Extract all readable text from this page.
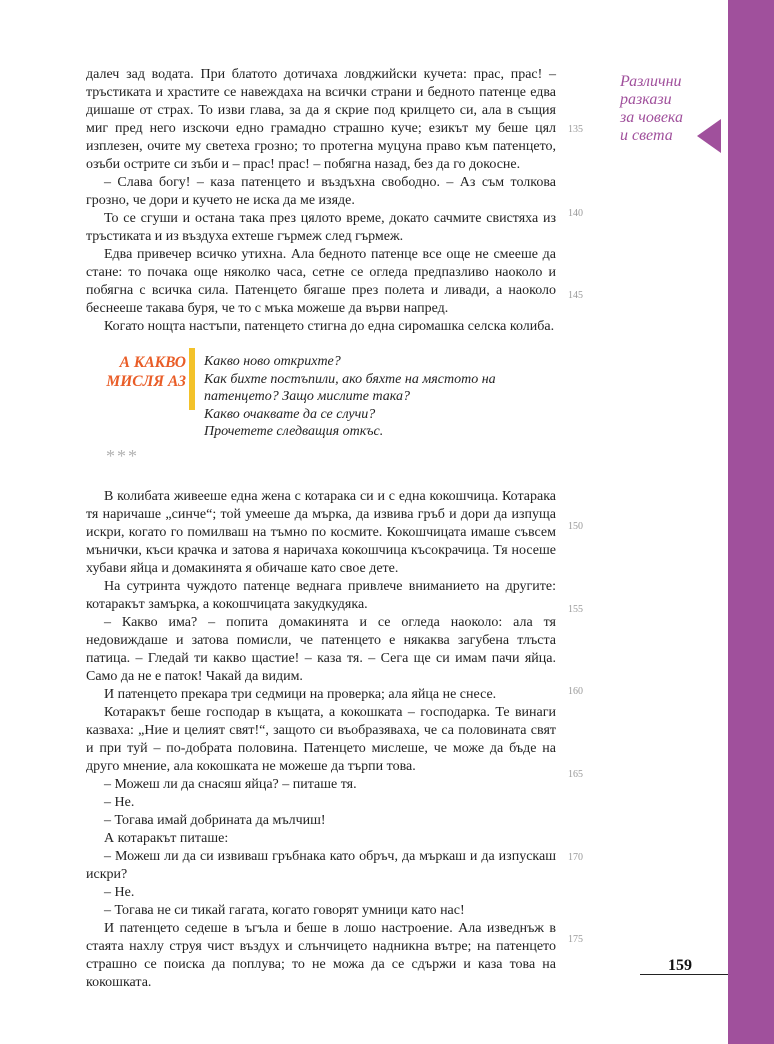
Различни
разкази
за човека
и света

далеч зад водата. При блатото дотичаха ловджийски кучета: прас, прас! – тръстиката и храстите се навеждаха на всички страни и бедното патенце едва дишаше от страх. То изви глава, за да я скрие под крилцето си, ала в същия миг пред него изскочи едно грамадно страшно куче; езикът му беше цял изплезен, очите му светеха грозно; то протегна муцуна право към патенцето, озъби острите си зъби и – прас! прас! – побягна назад, без да го докосне.

– Слава богу! – каза патенцето и въздъхна свободно. – Аз съм толкова грозно, че дори и кучето не иска да ме изяде.

То се сгуши и остана така през цялото време, докато сачмите свистяха из тръстиката и из въздуха ехтеше гърмеж след гърмеж.

Едва привечер всичко утихна. Ала бедното патенце все още не смееше да стане: то почака още няколко часа, сетне се огледа предпазливо наоколо и побягна с всичка сила. Патенцето бягаше през полета и ливади, а наоколо беснееше такава буря, че то с мъка можеше да върви напред.

Когато нощта настъпи, патенцето стигна до една сиромашка селска колиба.

135
140
145
150
155
160
165
170
175
А КАКВО
МИСЛЯ АЗ
Какво ново открихте?
Как бихте постъпили, ако бяхте на мястото на
патенцето? Защо мислите така?
Какво очаквате да се случи?
Прочетете следващия откъс.
***

В колибата живееше една жена с котарака си и с една кокошчица. Котарака тя наричаше „синче“; той умееше да мърка, да извива гръб и дори да изпуща искри, когато го помилваш на тъмно по космите. Кокошчицата имаше съвсем мънички, къси крачка и затова я наричаха кокошчица късокрачица. Тя носеше хубави яйца и домакинята я обичаше като свое дете.

На сутринта чуждото патенце веднага привлече вниманието на другите: котаракът замърка, а кокошчицата закудкудяка.

– Какво има? – попита домакинята и се огледа наоколо: ала тя недовиждаше и затова помисли, че патенцето е някаква загубена тлъста патица. – Гледай ти какво щастие! – каза тя. – Сега ще си имам пачи яйца. Само да не е паток! Чакай да видим.

И патенцето прекара три седмици на проверка; ала яйца не снесе.

Котаракът беше господар в къщата, а кокошката – господарка. Те винаги казваха: „Ние и целият свят!“, защото си въобразяваха, че са половината свят и при туй – по-добрата половина. Патенцето мислеше, че може да бъде на друго мнение, ала кокошката не можеше да търпи това.

– Можеш ли да снасяш яйца? – питаше тя.

– Не.

– Тогава имай добрината да мълчиш!

А котаракът питаше:

– Можеш ли да си извиваш гръбнака като обръч, да мъркаш и да изпускаш искри?

– Не.

– Тогава не си тикай гагата, когато говорят умници като нас!

И патенцето седеше в ъгъла и беше в лошо настроение. Ала изведнъж в стаята нахлу струя чист въздух и слънчицето надникна вътре; на патенцето страшно се поиска да поплува; то не можа да се сдържи и каза това на кокошката.

159
